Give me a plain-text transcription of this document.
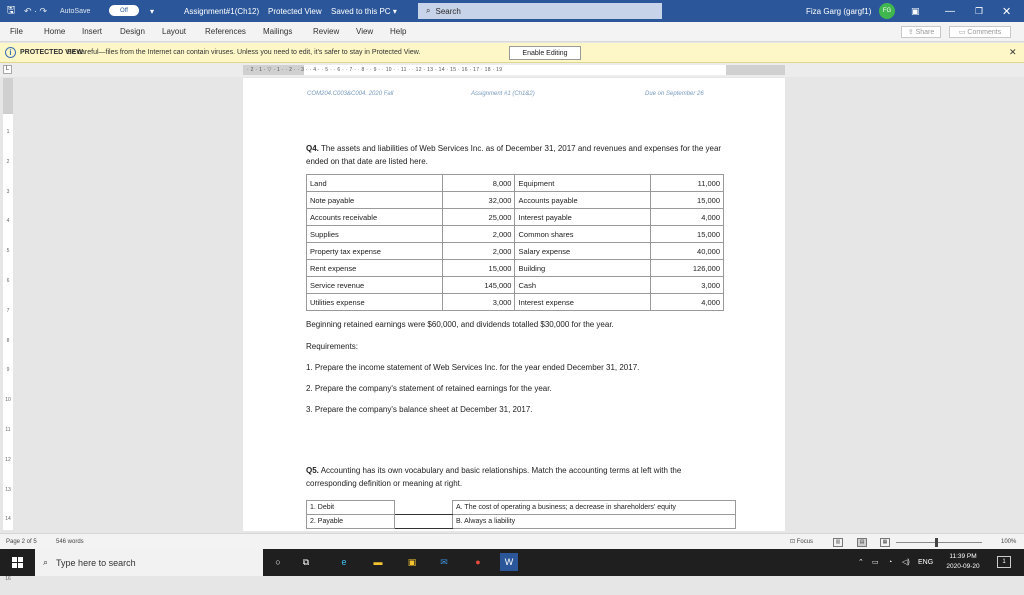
🖫 ↶ · ↷ AutoSave	Off	▾	Assignment#1(Ch12) Protected View Saved to this PC ▾	⌕ Search	Fiza Garg (gargf1)	FG	▣	— ❐ ✕
File	Home Insert Design Layout References Mailings	Review View Help	⇪ Share	▭ Comments
i	PROTECTED VIEW
Be careful—files from the Internet can contain viruses. Unless you need to edit, it's safer to stay in Protected View.	Enable Editing	✕
L	· 2 · 1 · ▽ · 1 · · 2 · · 3 · · 4 · · 5 · · 6 · · 7 · · 8 · · 9 · · 10 · · 11 · · 12 · 13 · 14 · 15 · 16 · 17 · 18 · 19
1
2
3
4
5
6
7
8
9
10
11
12
13
14
16
COM204.C003&C004. 2020 Fall	Assignment #1 (Ch1&2)	Due on September 26
Q4. The assets and liabilities of Web Services Inc. as of December 31, 2017 and revenues and expenses for the year ended on that date are listed here.
Land	8,000	Equipment	11,000
Note payable	32,000	Accounts payable	15,000
Accounts receivable	25,000	Interest payable	4,000
Supplies	2,000	Common shares	15,000
Property tax expense	2,000	Salary expense	40,000
Rent expense	15,000	Building	126,000
Service revenue	145,000	Cash	3,000
Utilities expense	3,000	Interest expense	4,000
Beginning retained earnings were $60,000, and dividends totalled $30,000 for the year.
Requirements:
1. Prepare the income statement of Web Services Inc. for the year ended December 31, 2017.
2. Prepare the company's statement of retained earnings for the year.
3. Prepare the company's balance sheet at December 31, 2017.
Q5. Accounting has its own vocabulary and basic relationships. Match the accounting terms at left with the corresponding definition or meaning at right.
1. Debit		A. The cost of operating a business; a decrease in shareholders' equity
2. Payable		B. Always a liability
Page 2 of 5	546 words	⊡ Focus	▥	▤	▦	100%
⌕ Type here to search	○	⧉	e	▬	▣	✉	●	W	⌃ ▭ ◔ ◁) ENG
11:39 PM
2020-09-20
1
